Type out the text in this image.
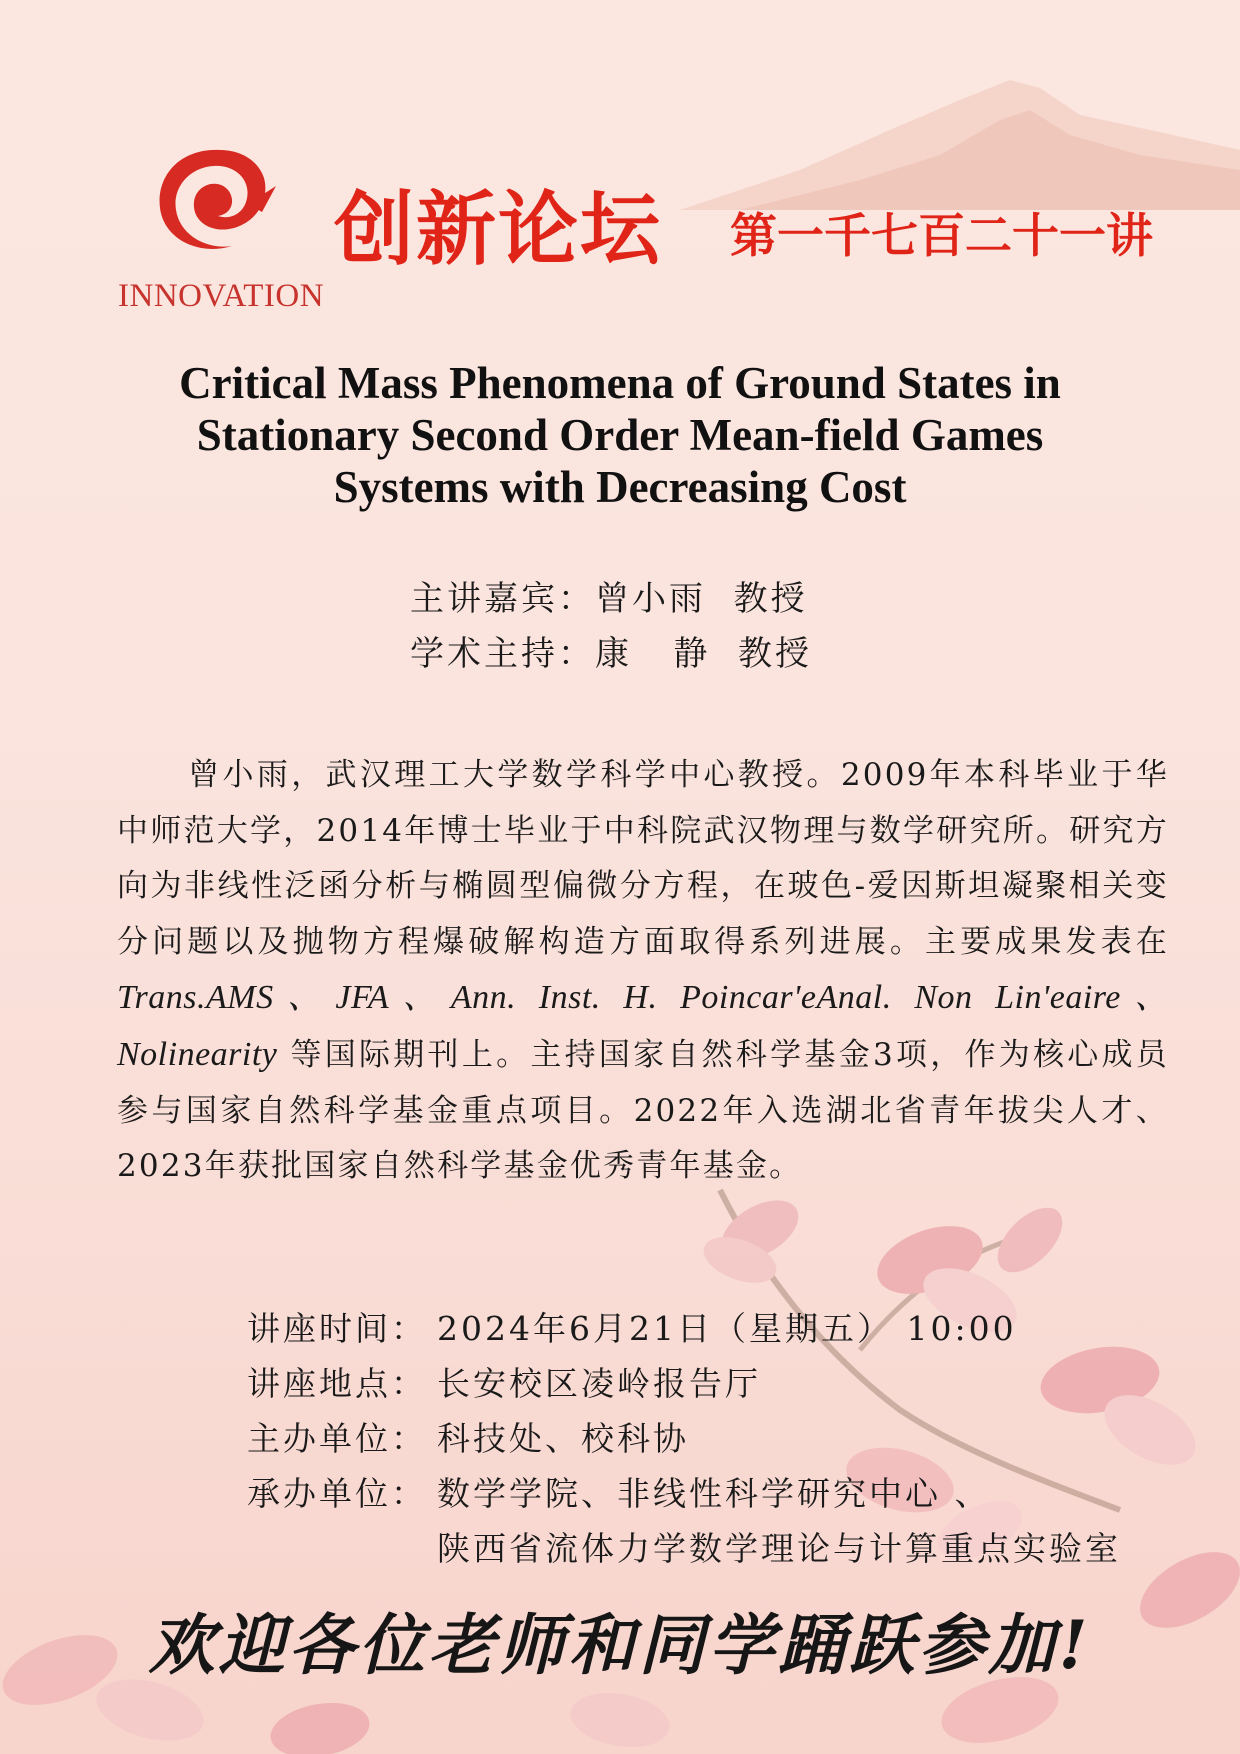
INNOVATION
创新论坛 第一千七百二十一讲
Critical Mass Phenomena of Ground States in
Stationary Second Order Mean-field Games
Systems with Decreasing Cost
主讲嘉宾：曾小雨  教授
学术主持：康   静  教授
曾小雨，武汉理工大学数学科学中心教授。2009年本科毕业于华中师范大学，2014年博士毕业于中科院武汉物理与数学研究所。研究方向为非线性泛函分析与椭圆型偏微分方程，在玻色-爱因斯坦凝聚相关变分问题以及抛物方程爆破解构造方面取得系列进展。主要成果发表在 Trans.AMS、JFA、Ann. Inst. H. Poincar'eAnal. Non Lin'eaire、Nolinearity 等国际期刊上。主持国家自然科学基金3项，作为核心成员参与国家自然科学基金重点项目。2022年入选湖北省青年拔尖人才、2023年获批国家自然科学基金优秀青年基金。
讲座时间： 2024年6月21日（星期五） 10:00
讲座地点： 长安校区凌岭报告厅
主办单位： 科技处、校科协
承办单位： 数学学院、非线性科学研究中心 、
陕西省流体力学数学理论与计算重点实验室
欢迎各位老师和同学踊跃参加!
